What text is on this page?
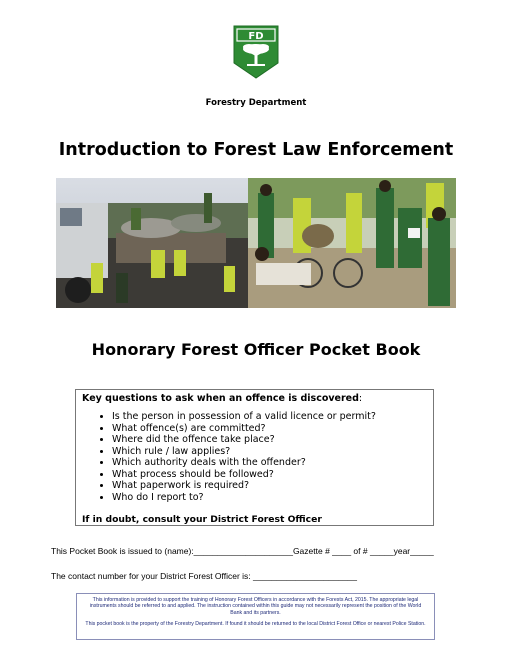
FD
Forestry Department
Introduction to Forest Law Enforcement
Honorary Forest Officer Pocket Book
Key questions to ask when an offence is discovered:
• Is the person in possession of a valid licence or permit?
• What offence(s) are committed?
• Where did the offence take place?
• Which rule / law applies?
• Which authority deals with the offender?
• What process should be followed?
• What paperwork is required?
• Who do I report to?
If in doubt, consult your District Forest Officer
This Pocket Book is issued to (name):_____________________Gazette # ____ of # _____year_____
The contact number for your District Forest Officer is: ______________________

This information is provided to support the training of Honorary Forest Officers in accordance with the Forests Act, 2015. The appropriate legal instruments should be referred to and applied. The instruction contained within this guide may not necessarily represent the position of the World Bank and its partners.

This pocket book is the property of the Forestry Department. If found it should be returned to the local District Forest Office or nearest Police Station.
